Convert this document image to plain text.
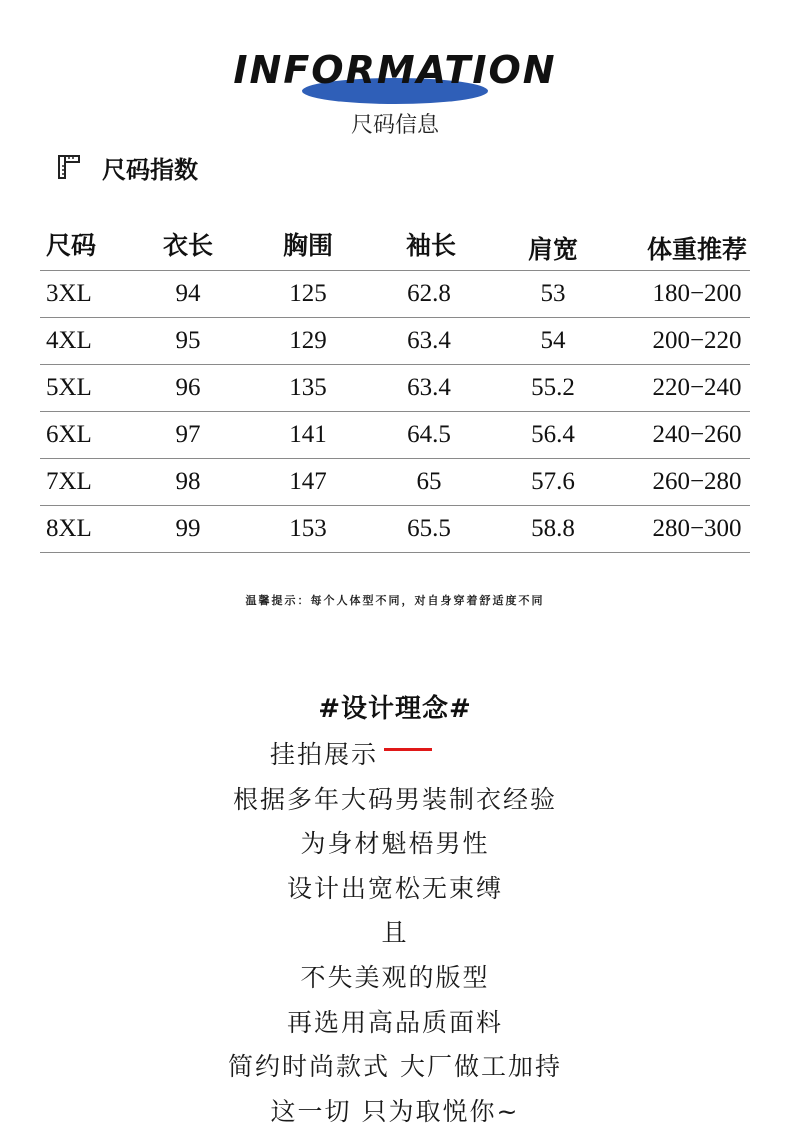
INFORMATION
尺码信息
尺码指数
尺码	衣长	胸围	袖长	肩宽	体重推荐
3XL	94	125	62.8	53	180−200
4XL	95	129	63.4	54	200−220
5XL	96	135	63.4	55.2	220−240
6XL	97	141	64.5	56.4	240−260
7XL	98	147	65	57.6	260−280
8XL	99	153	65.5	58.8	280−300
温馨提示：每个人体型不同，对自身穿着舒适度不同
#设计理念#
挂拍展示
根据多年大码男装制衣经验
为身材魁梧男性
设计出宽松无束缚
且
不失美观的版型
再选用高品质面料
简约时尚款式 大厂做工加持
这一切 只为取悦你~
